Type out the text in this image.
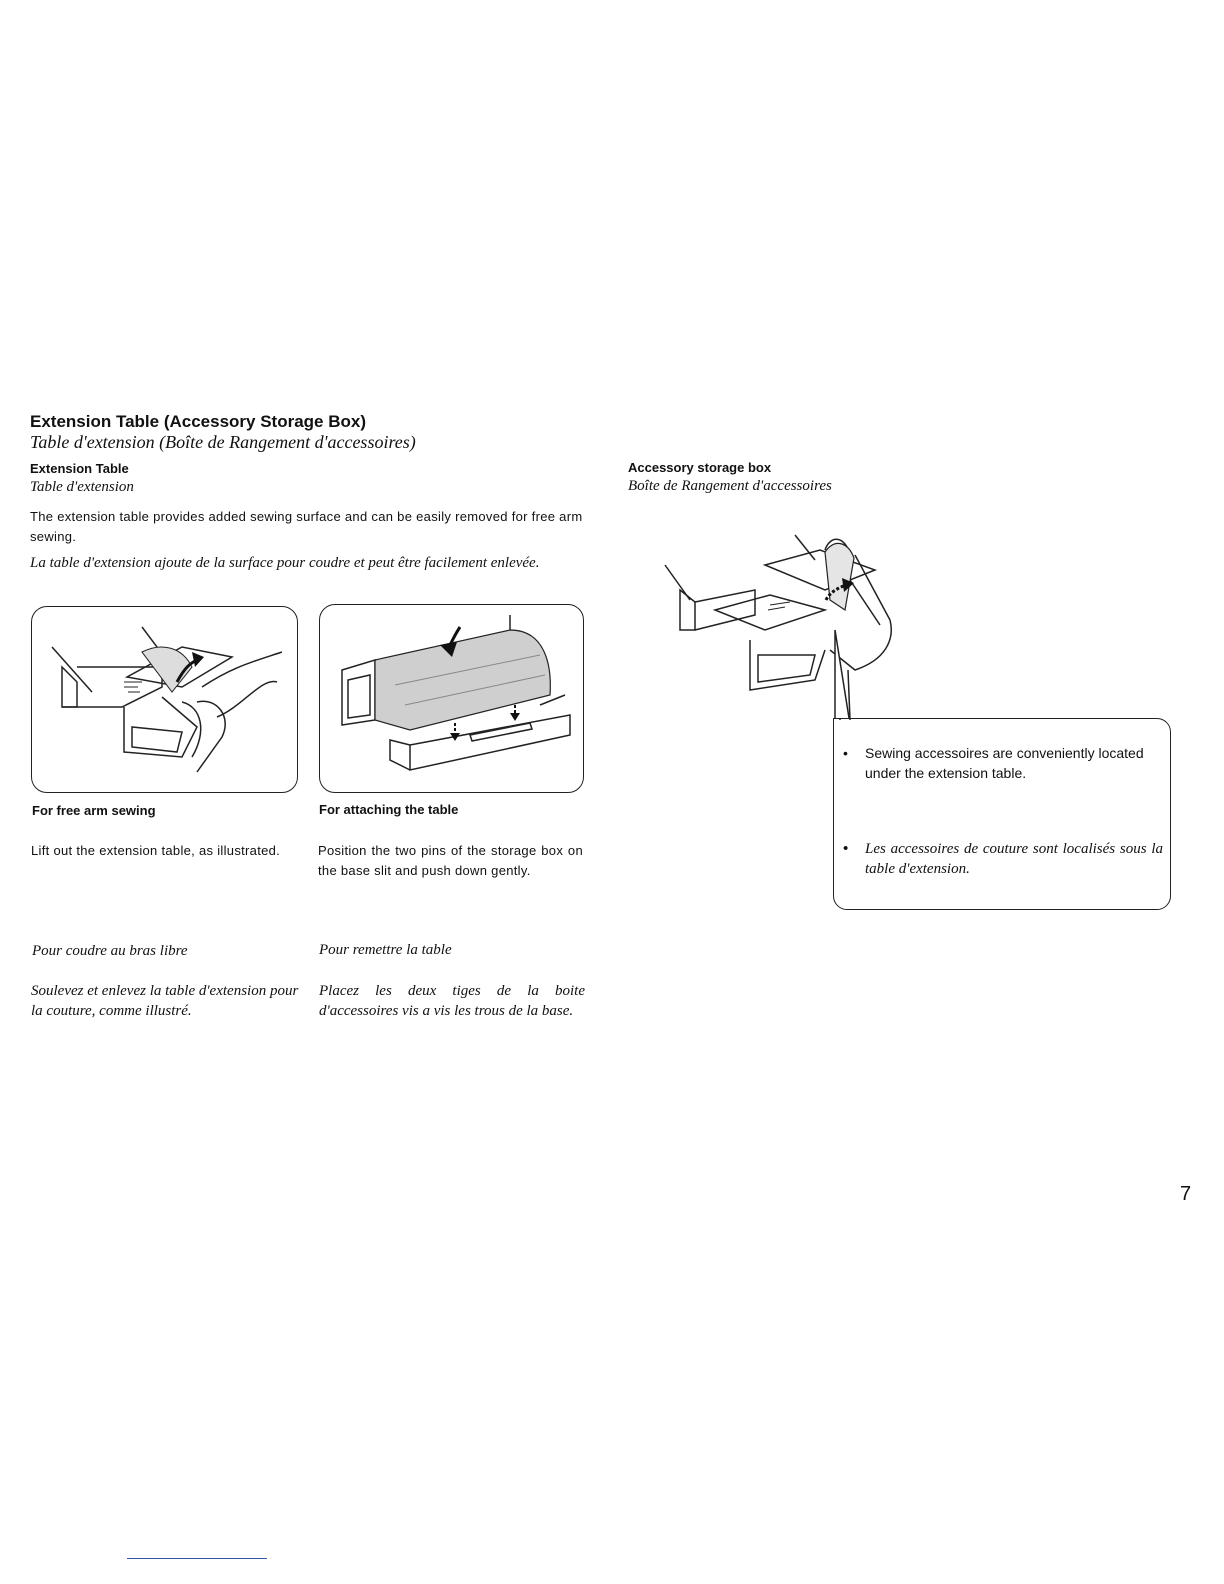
Extension Table (Accessory Storage Box)
Table d'extension (Boîte de Rangement d'accessoires)
Extension Table
Table d'extension
The extension table provides added sewing surface and can be easily removed for free arm sewing.
La table d'extension ajoute de la surface pour coudre et peut être facilement enlevée.
For free arm sewing	For attaching the table
Lift out the extension table, as illustrated.	Position the two pins of the storage box on the base slit and push down gently.
Pour coudre au bras libre	Pour remettre la table
Soulevez et enlevez la table d'extension pour la couture, comme illustré.
Placez les deux tiges de la boite d'accessoires vis a vis les trous de la base.
Accessory storage box
Boîte de Rangement d'accessoires
• Sewing accessoires are conveniently located under the extension table.
• Les accessoires de couture sont localisés sous la table d'extension.
7
